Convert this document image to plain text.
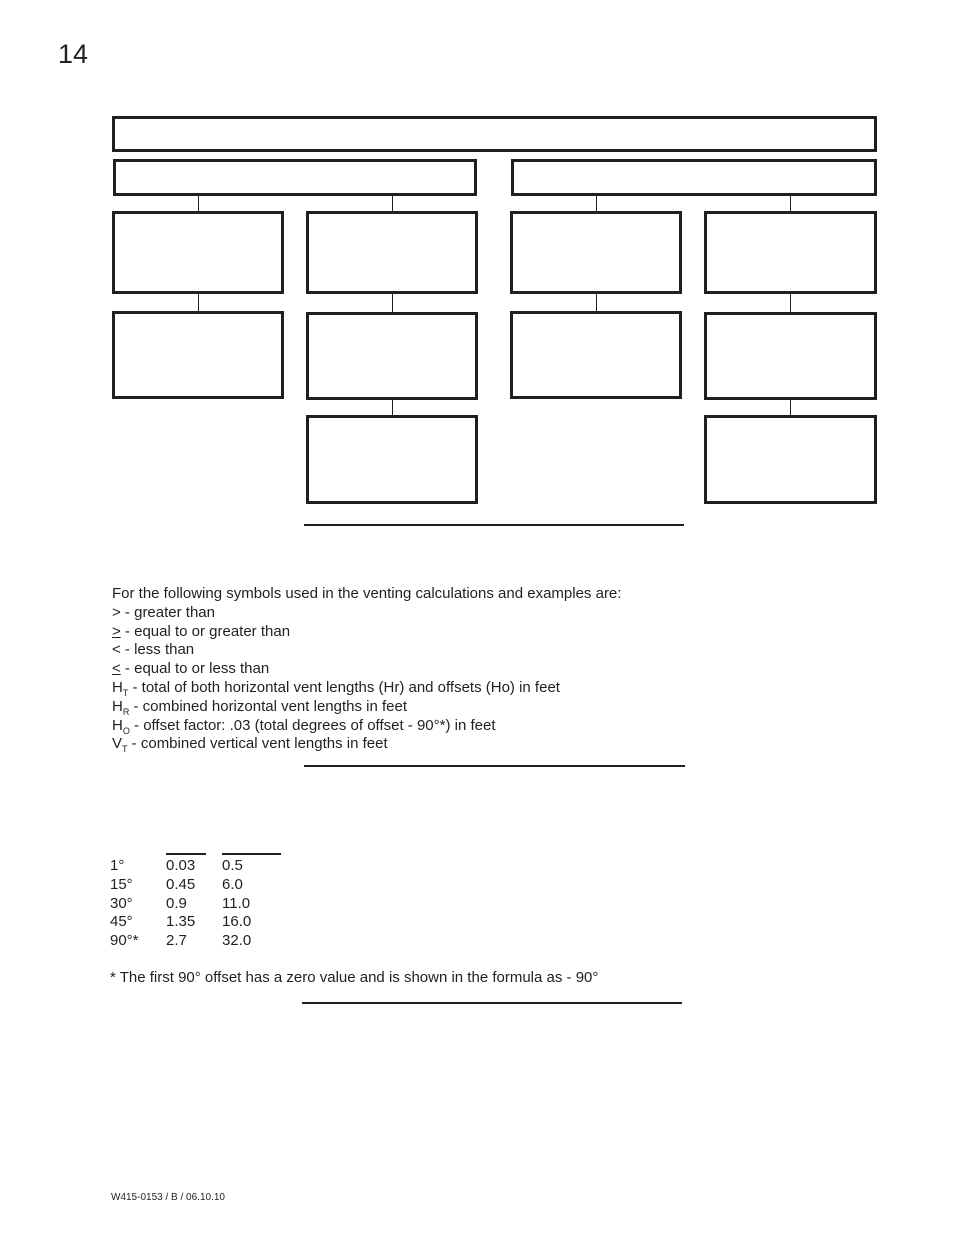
14
For the following symbols used in the venting calculations and examples are:
> - greater than
> - equal to or greater than
< - less than
< - equal to or less than
$H_T$ - total of both horizontal vent lengths (Hr) and offsets (Ho) in feet
$H_R$ - combined horizontal vent lengths in feet
$H_O$ - offset factor: .03 (total degrees of offset - 90°*) in feet
$V_T$ - combined vertical vent lengths in feet
1°	0.03 0.5
15° 0.45 6.0
30° 0.9 11.0
45° 1.35 16.0
90°* 2.7 32.0
* The first 90° offset has a zero value and is shown in the formula as - 90°
W415-0153 / B / 06.10.10
